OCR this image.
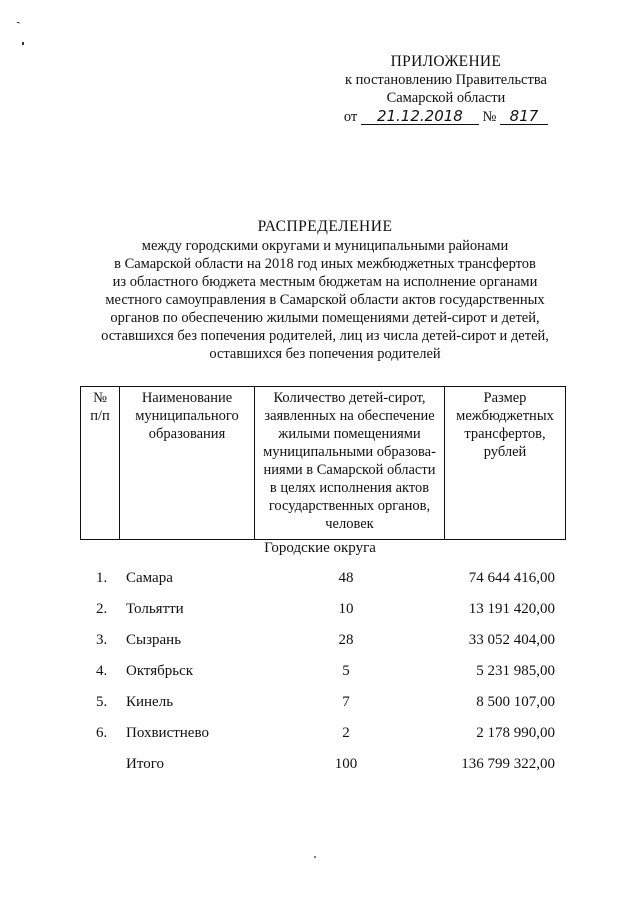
ˋ
ПРИЛОЖЕНИЕ
к постановлению Правительства
Самарской области
от 21.12.2018 № 817
РАСПРЕДЕЛЕНИЕ
между городскими округами и муниципальными районами
в Самарской области на 2018 год иных межбюджетных трансфертов
из областного бюджета местным бюджетам на исполнение органами
местного самоуправления в Самарской области актов государственных
органов по обеспечению жилыми помещениями детей-сирот и детей,
оставшихся без попечения родителей, лиц из числа детей-сирот и детей,
оставшихся без попечения родителей
№
п/п

Наименование
муниципального
образования

Количество детей-сирот,
заявленных на обеспечение
жилыми помещениями
муниципальными образова-
ниями в Самарской области
в целях исполнения актов
государственных органов,
человек

Размер
межбюджетных
трансфертов,
рублей
Городские округа
1. Самара	48	74 644 416,00
2. Тольятти	10	13 191 420,00
3. Сызрань	28	33 052 404,00
4. Октябрьск	5	5 231 985,00
5. Кинель	7	8 500 107,00
6. Похвистнево	2	2 178 990,00
Итого	100	136 799 322,00
